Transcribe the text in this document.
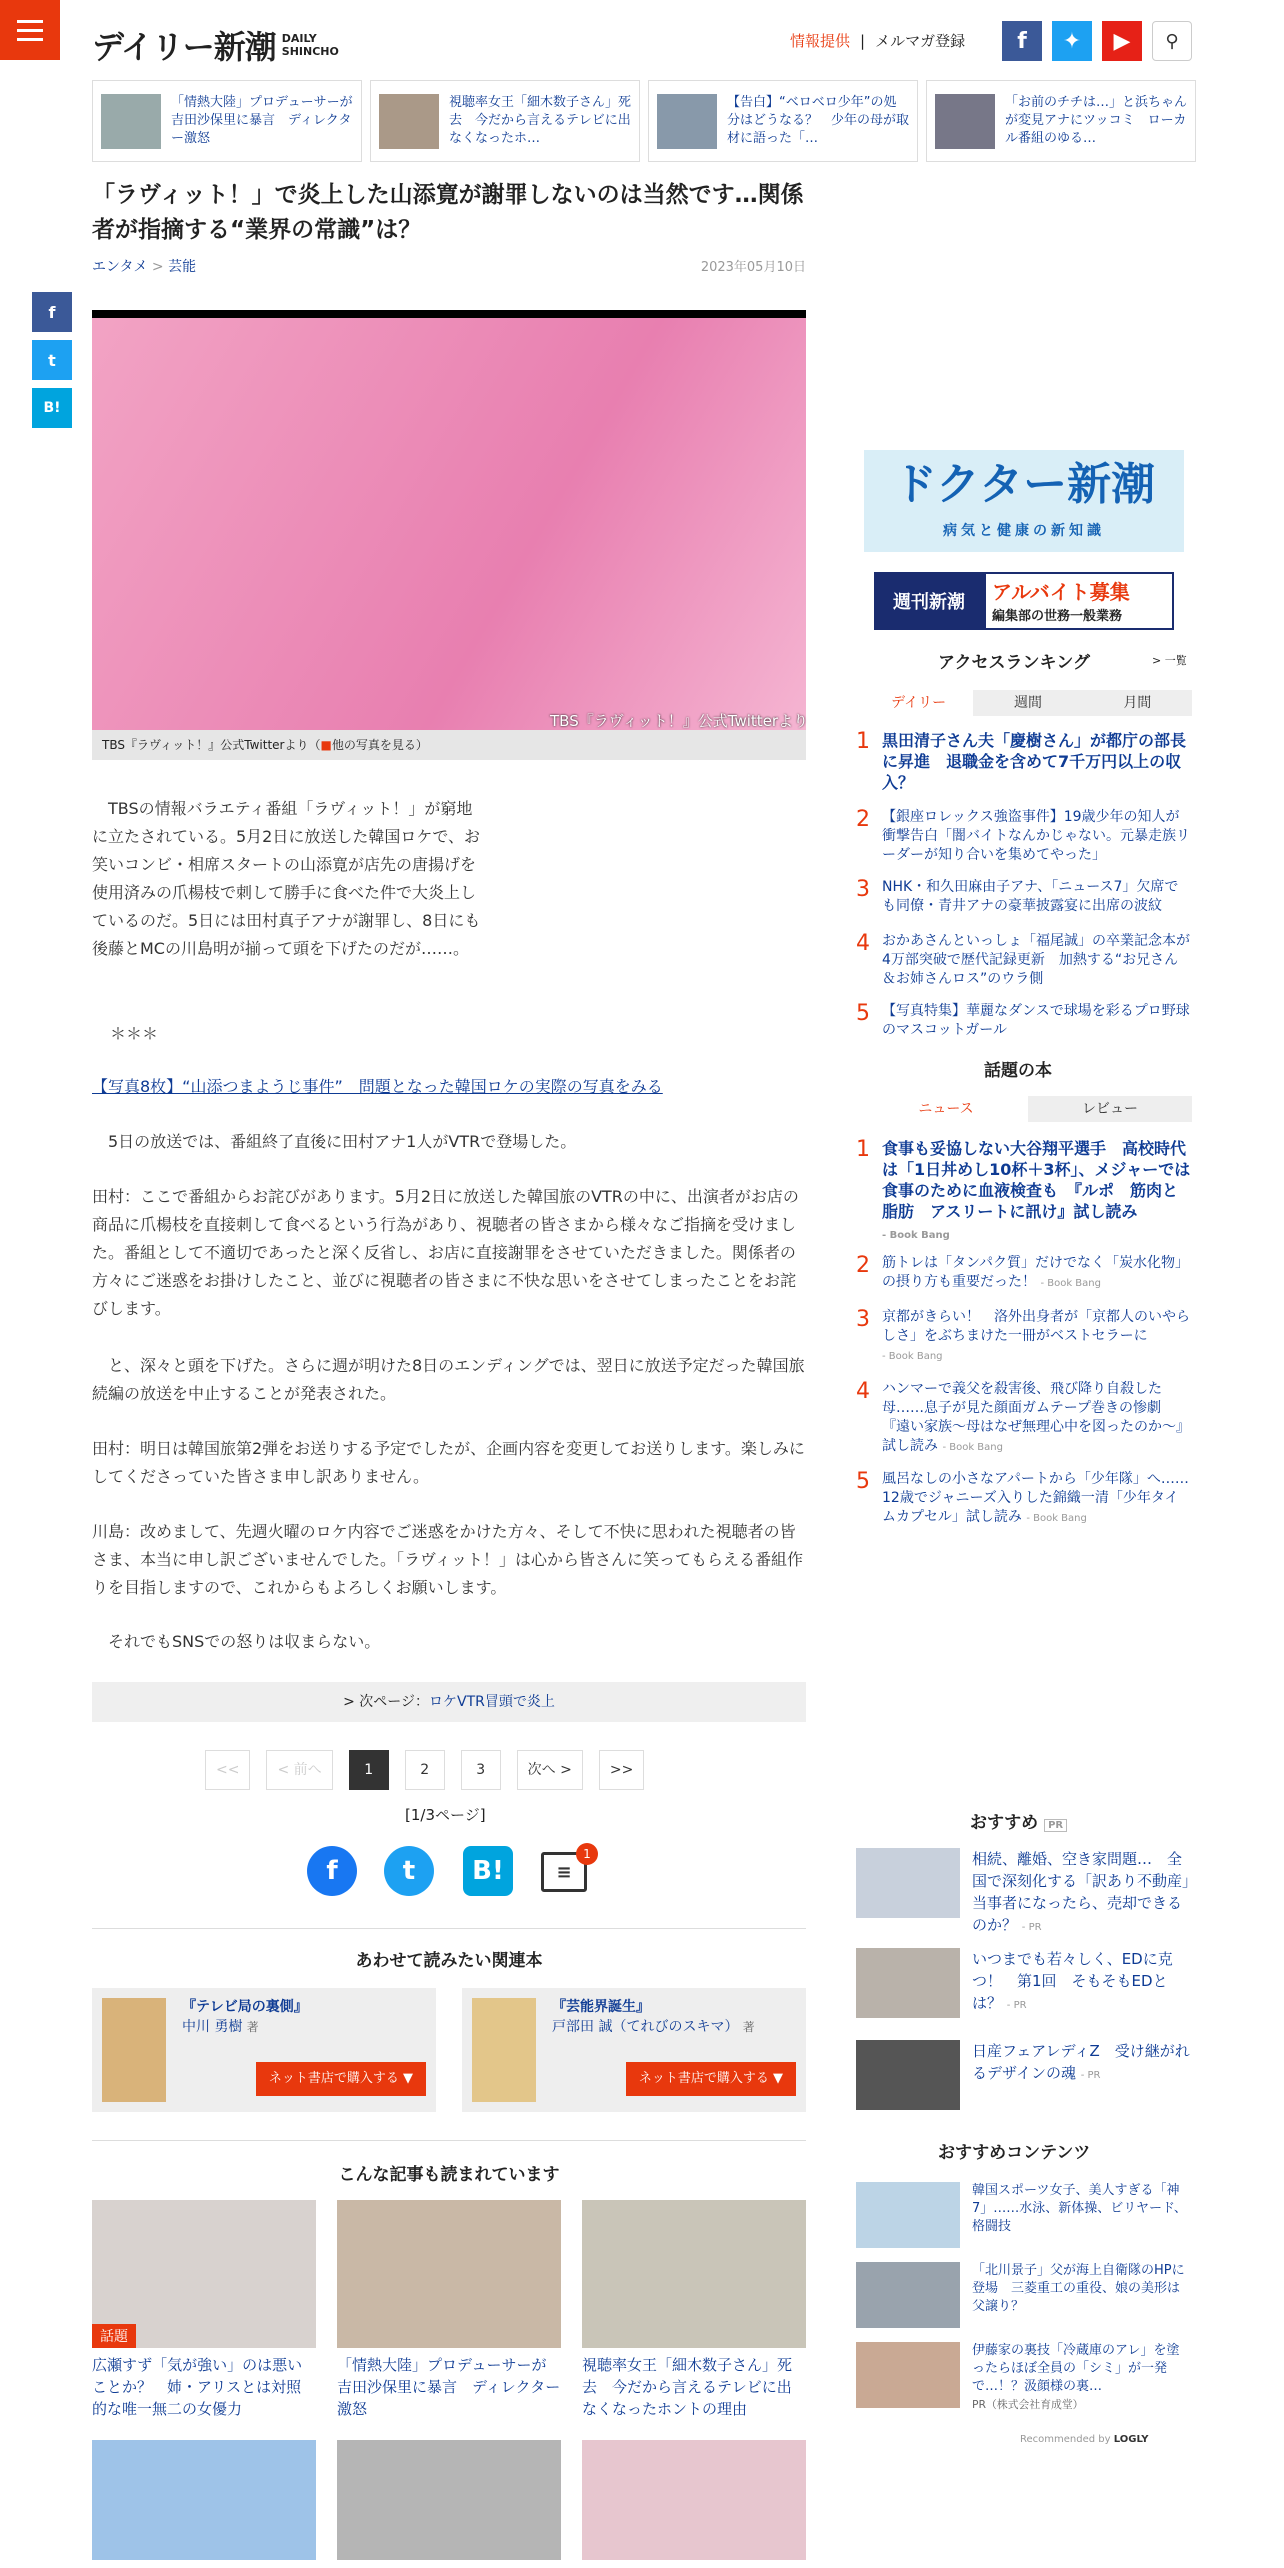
デイリー新潮 DAILY
SHINCHO
情報提供 | メルマガ登録	f	✦	▶	⚲
「情熱大陸」プロデューサーが吉田沙保里に暴言　ディレクター激怒
視聴率女王「細木数子さん」死去　今だから言えるテレビに出なくなったホ…
【告白】“ベロベロ少年”の処分はどうなる？　少年の母が取材に語った「…
「お前のチチは…」と浜ちゃんが変見アナにツッコミ　ローカル番組のゆる…
「ラヴィット！」で炎上した山添寛が謝罪しないのは当然です…関係者が指摘する“業界の常識”は？
エンタメ > 芸能	2023年05月10日
f
t
B!
TBS『ラヴィット！』公式Twitterより
TBS『ラヴィット！』公式Twitterより（■他の写真を見る）

　TBSの情報バラエティ番組「ラヴィット！」が窮地に立たされている。5月2日に放送した韓国ロケで、お笑いコンビ・相席スタートの山添寛が店先の唐揚げを使用済みの爪楊枝で刺して勝手に食べた件で大炎上しているのだ。5日には田村真子アナが謝罪し、8日にも後藤とMCの川島明が揃って頭を下げたのだが……。

＊＊＊

【写真8枚】“山添つまようじ事件”　問題となった韓国ロケの実際の写真をみる

　5日の放送では、番組終了直後に田村アナ1人がVTRで登場した。

田村：ここで番組からお詫びがあります。5月2日に放送した韓国旅のVTRの中に、出演者がお店の商品に爪楊枝を直接刺して食べるという行為があり、視聴者の皆さまから様々なご指摘を受けました。番組として不適切であったと深く反省し、お店に直接謝罪をさせていただきました。関係者の方々にご迷惑をお掛けしたこと、並びに視聴者の皆さまに不快な思いをさせてしまったことをお詫びします。

　と、深々と頭を下げた。さらに週が明けた8日のエンディングでは、翌日に放送予定だった韓国旅続編の放送を中止することが発表された。

田村：明日は韓国旅第2弾をお送りする予定でしたが、企画内容を変更してお送りします。楽しみにしてくださっていた皆さま申し訳ありません。

川島：改めまして、先週火曜のロケ内容でご迷惑をかけた方々、そして不快に思われた視聴者の皆さま、本当に申し訳ございませんでした。「ラヴィット！」は心から皆さんに笑ってもらえる番組作りを目指しますので、これからもよろしくお願いします。

　それでもSNSでの怒りは収まらない。

> 次ページ：ロケVTR冒頭で炎上
<<	< 前へ	1	2	3	次へ >	>>
[1/3ページ]
f	t	B!	≡
1
あわせて読みたい関連本
『テレビ局の裏側』
中川 勇樹 著
ネット書店で購入する ▼
『芸能界誕生』
戸部田 誠（てれびのスキマ） 著
ネット書店で購入する ▼
こんな記事も読まれています
話題
広瀬すず「気が強い」のは悪いことか？　姉・アリスとは対照的な唯一無二の女優力
「情熱大陸」プロデューサーが吉田沙保里に暴言　ディレクター激怒
視聴率女王「細木数子さん」死去　今だから言えるテレビに出なくなったホントの理由
ドクター新潮
病気と健康の新知識
週刊新潮	アルバイト募集
編集部の世務一般業務
アクセスランキング	> 一覧
デイリー	週間	月間
1 黒田清子さん夫「慶樹さん」が都庁の部長に昇進　退職金を含めて7千万円以上の収入？
2 【銀座ロレックス強盗事件】19歳少年の知人が衝撃告白「闇バイトなんかじゃない。元暴走族リーダーが知り合いを集めてやった」
3 NHK・和久田麻由子アナ、「ニュース7」欠席でも同僚・青井アナの豪華披露宴に出席の波紋
4 おかあさんといっしょ「福尾誠」の卒業記念本が4万部突破で歴代記録更新　加熱する“お兄さん＆お姉さんロス”のウラ側
5 【写真特集】華麗なダンスで球場を彩るプロ野球のマスコットガール
話題の本
ニュース	レビュー
1 食事も妥協しない大谷翔平選手　高校時代は「1日丼めし10杯＋3杯」、メジャーでは食事のために血液検査も　『ルポ　筋肉と脂肪　アスリートに訊け』試し読み
- Book Bang
2 筋トレは「タンパク質」だけでなく「炭水化物」の摂り方も重要だった！ - Book Bang
3 京都がきらい！　洛外出身者が「京都人のいやらしさ」をぶちまけた一冊がベストセラーに
- Book Bang
4 ハンマーで義父を殺害後、飛び降り自殺した母……息子が見た顔面ガムテープ巻きの惨劇　『遠い家族～母はなぜ無理心中を図ったのか～』試し読み - Book Bang
5 風呂なしの小さなアパートから「少年隊」へ……12歳でジャニーズ入りした錦織一清「少年タイムカプセル」試し読み - Book Bang
おすすめ PR
相続、離婚、空き家問題…　全国で深刻化する「訳あり不動産」当事者になったら、売却できるのか？ - PR
いつまでも若々しく、EDに克つ！　第1回　そもそもEDとは？ - PR
日産フェアレディZ　受け継がれるデザインの魂 - PR
おすすめコンテンツ
韓国スポーツ女子、美人すぎる「神7」……水泳、新体操、ビリヤード、格闘技
「北川景子」父が海上自衛隊のHPに登場　三菱重工の重役、娘の美形は父譲り？
伊藤家の裏技「冷蔵庫のアレ」を塗ったらほぼ全員の「シミ」が一発で…！？汲顔様の裏…
PR（株式会社育成堂）
Recommended by LOGLY
